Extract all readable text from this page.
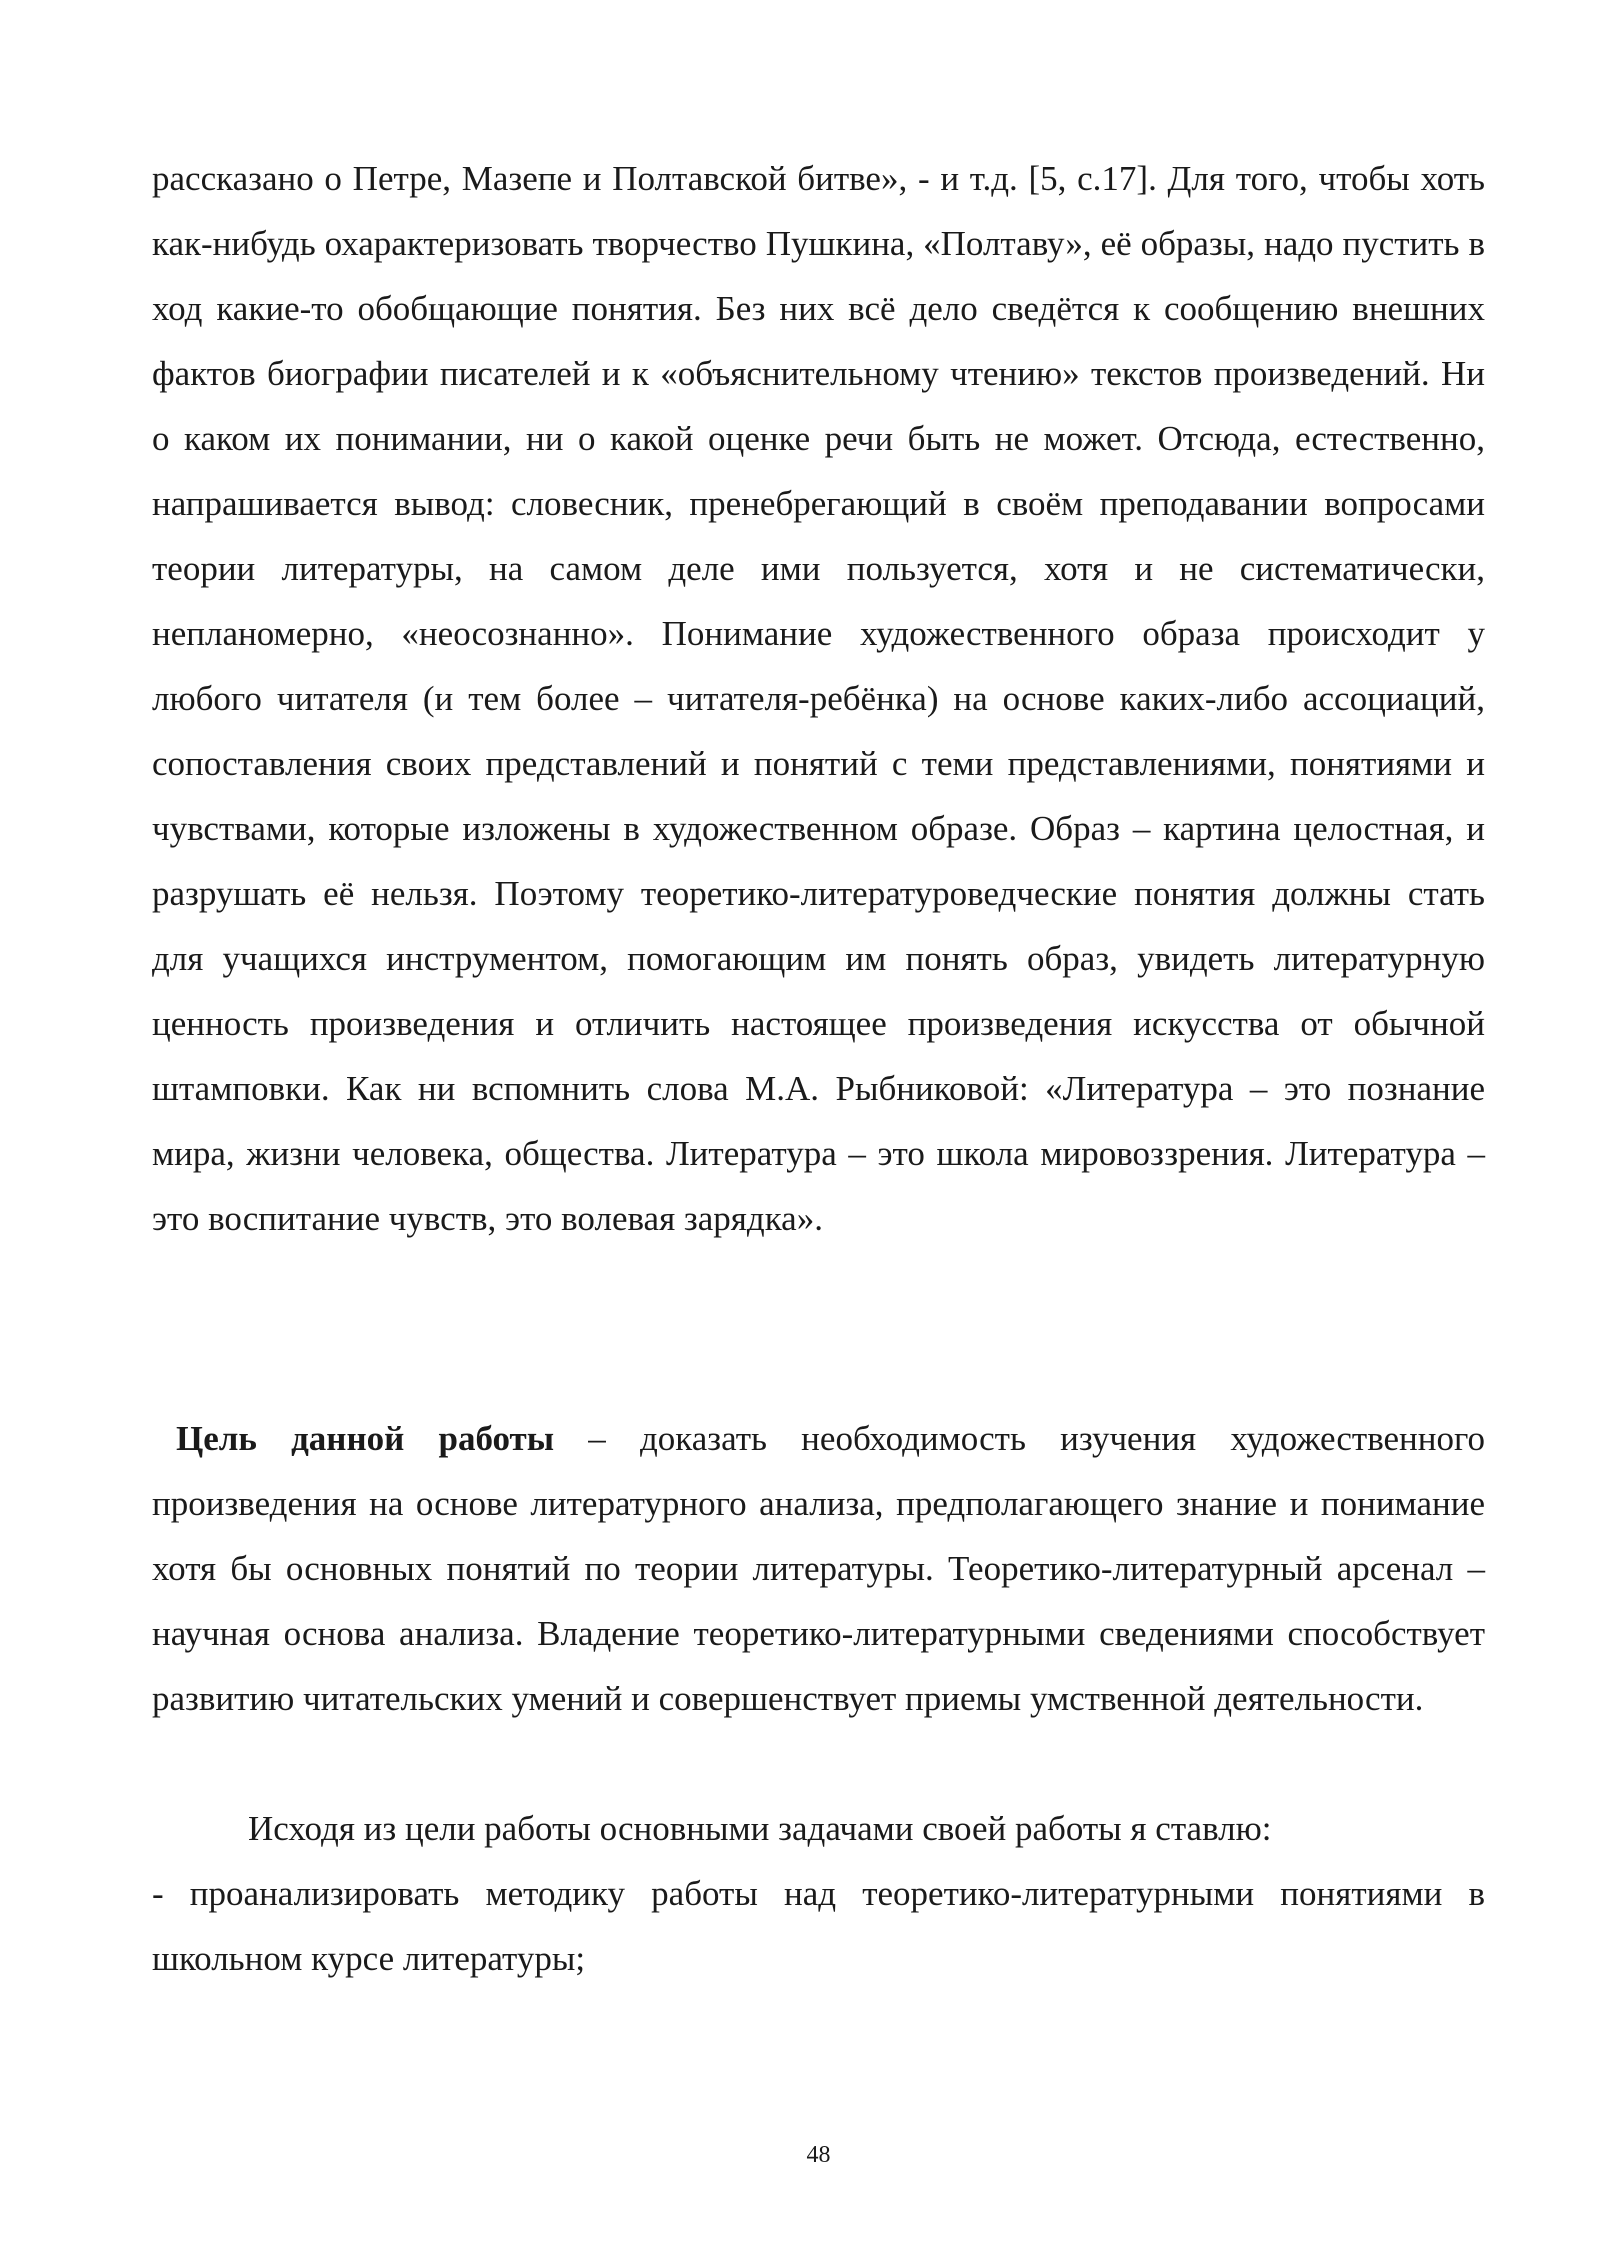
рассказано о Петре, Мазепе и Полтавской битве», - и т.д. [5, с.17]. Для того, чтобы хоть как-нибудь охарактеризовать творчество Пушкина, «Полтаву», её образы, надо пустить в ход какие-то обобщающие понятия. Без них всё дело сведётся к сообщению внешних фактов биографии писателей и к «объяснительному чтению» текстов произведений. Ни о каком их понимании, ни о какой оценке речи быть не может. Отсюда, естественно, напрашивается вывод: словесник, пренебрегающий в своём преподавании вопросами теории литературы, на самом деле ими пользуется, хотя и не систематически, непланомерно, «неосознанно». Понимание художественного образа происходит у любого читателя (и тем более – читателя-ребёнка) на основе каких-либо ассоциаций, сопоставления своих представлений и понятий с теми представлениями, понятиями и чувствами, которые изложены в художественном образе. Образ – картина целостная, и разрушать её нельзя. Поэтому теоретико-литературоведческие понятия должны стать для учащихся инструментом, помогающим им понять образ, увидеть литературную ценность произведения и отличить настоящее произведения искусства от обычной штамповки. Как ни вспомнить слова М.А. Рыбниковой: «Литература – это познание мира, жизни человека, общества. Литература – это школа мировоззрения. Литература – это воспитание чувств, это волевая зарядка».

Цель данной работы – доказать необходимость изучения художественного произведения на основе литературного анализа, предполагающего знание и понимание хотя бы основных понятий по теории литературы. Теоретико-литературный арсенал – научная основа анализа. Владение теоретико-литературными сведениями способствует развитию читательских умений и совершенствует приемы умственной деятельности.

Исходя из цели работы основными задачами своей работы я ставлю:

- проанализировать методику работы над теоретико-литературными понятиями в школьном курсе литературы;

48
